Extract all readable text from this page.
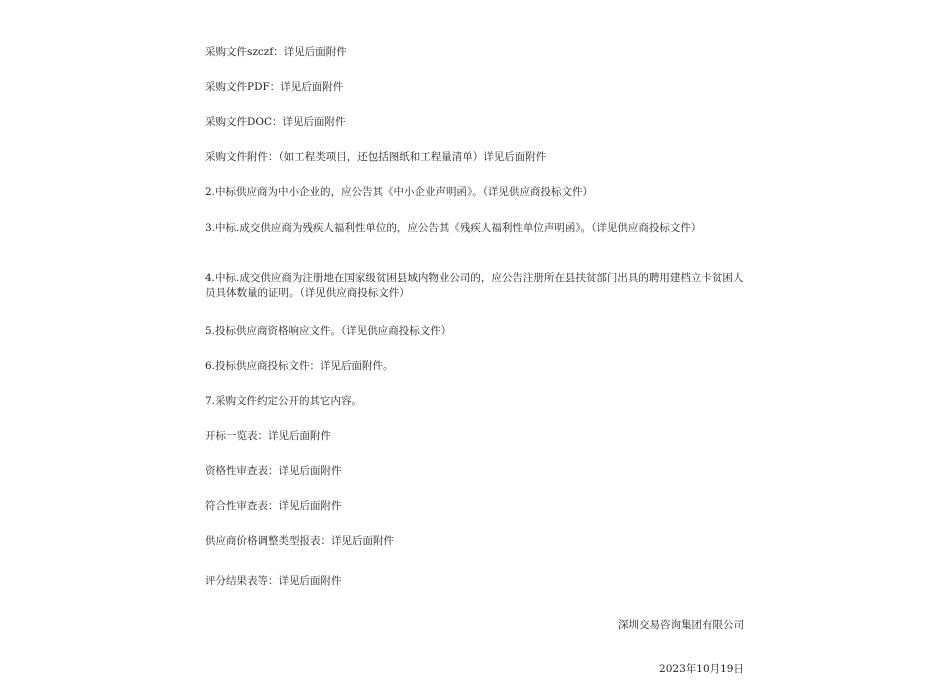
采购文件szczf：详见后面附件
采购文件PDF：详见后面附件
采购文件DOC：详见后面附件
采购文件附件：（如工程类项目，还包括图纸和工程量清单）详见后面附件
2.中标供应商为中小企业的，应公告其《中小企业声明函》。（详见供应商投标文件）
3.中标.成交供应商为残疾人福利性单位的，应公告其《残疾人福利性单位声明函》。（详见供应商投标文件）
4.中标.成交供应商为注册地在国家级贫困县域内物业公司的，应公告注册所在县扶贫部门出具的聘用建档立卡贫困人员具体数量的证明。（详见供应商投标文件）
5.投标供应商资格响应文件。（详见供应商投标文件）
6.投标供应商投标文件：详见后面附件。
7.采购文件约定公开的其它内容。
开标一览表：详见后面附件
资格性审查表：详见后面附件
符合性审查表：详见后面附件
供应商价格调整类型报表：详见后面附件
评分结果表等：详见后面附件
深圳交易咨询集团有限公司
2023年10月19日
